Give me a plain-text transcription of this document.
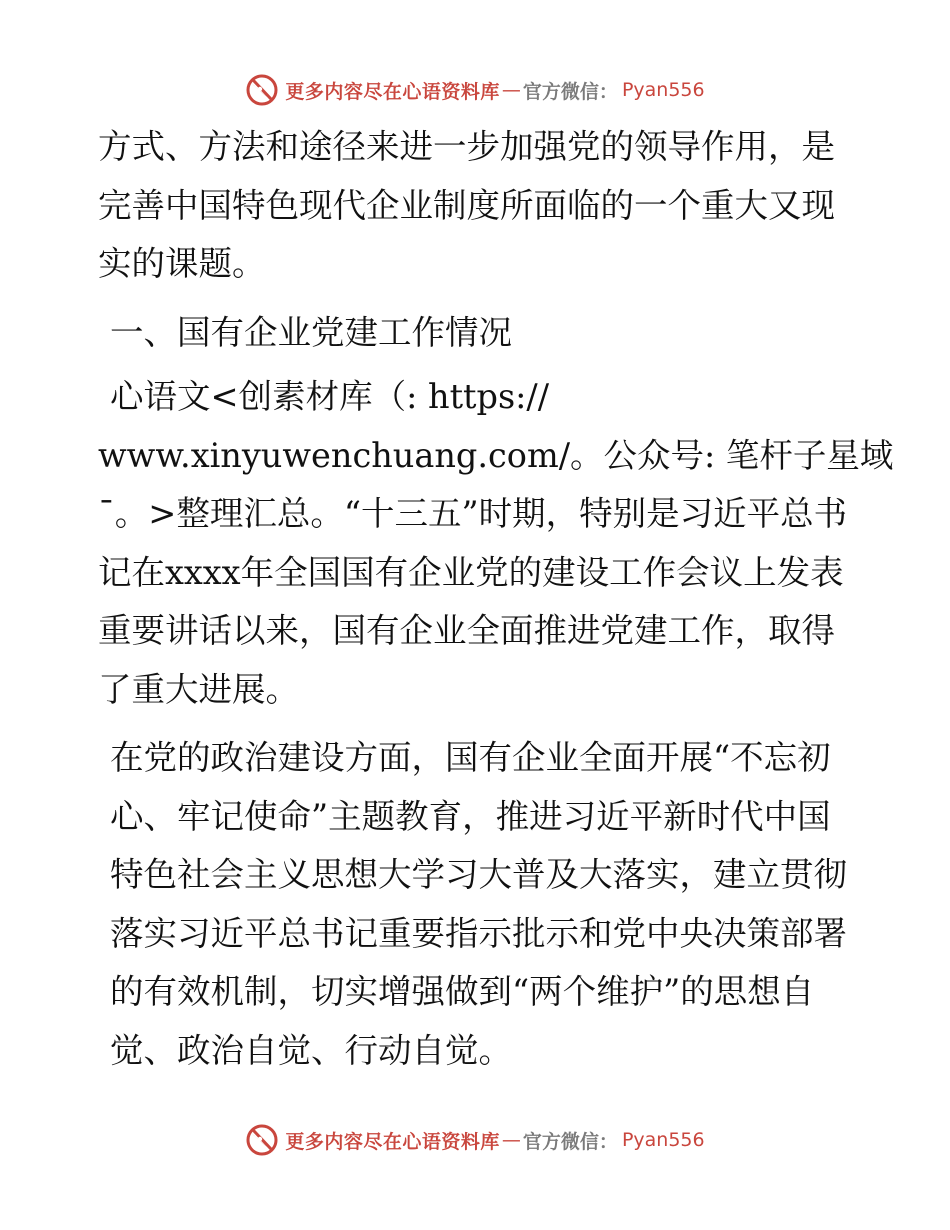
更多内容尽在心语资料库 — 官方微信： Pyan556

方式、方法和途径来进一步加强党的领导作用，是完善中国特色现代企业制度所面临的一个重大又现实的课题。

一、国有企业党建工作情况

心语文<创素材库（: https://

www.xinyuwenchuang.com/。公众号: 笔杆子星域

¯。>整理汇总。“十三五”时期，特别是习近平总书记在xxxx年全国国有企业党的建设工作会议上发表重要讲话以来，国有企业全面推进党建工作，取得了重大进展。

在党的政治建设方面，国有企业全面开展“不忘初心、牢记使命”主题教育，推进习近平新时代中国特色社会主义思想大学习大普及大落实，建立贯彻落实习近平总书记重要指示批示和党中央决策部署的有效机制，切实增强做到“两个维护”的思想自觉、政治自觉、行动自觉。

更多内容尽在心语资料库 — 官方微信： Pyan556
